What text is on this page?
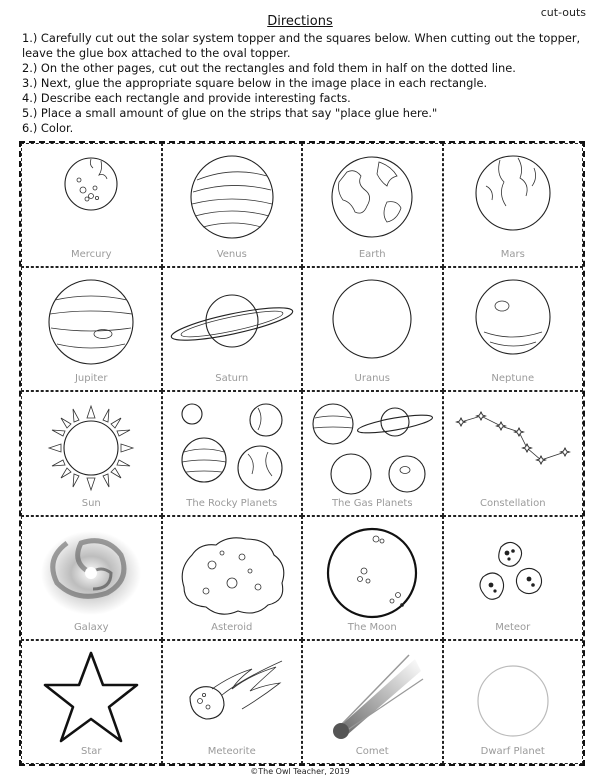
cut-outs
Directions
1.) Carefully cut out the solar system topper and the squares below. When cutting out the topper, leave the glue box attached to the oval topper.
2.) On the other pages, cut out the rectangles and fold them in half on the dotted line.
3.) Next, glue the appropriate square below in the image place in each rectangle.
4.) Describe each rectangle and provide interesting facts.
5.) Place a small amount of glue on the strips that say "place glue here."
6.) Color.
Mercury	Venus	Earth	Mars
Jupiter	Saturn	Uranus	Neptune
Sun	The Rocky Planets	The Gas Planets	Constellation
Galaxy	Asteroid	The Moon	Meteor
Star	Meteorite	Comet	Dwarf Planet
©The Owl Teacher, 2019
